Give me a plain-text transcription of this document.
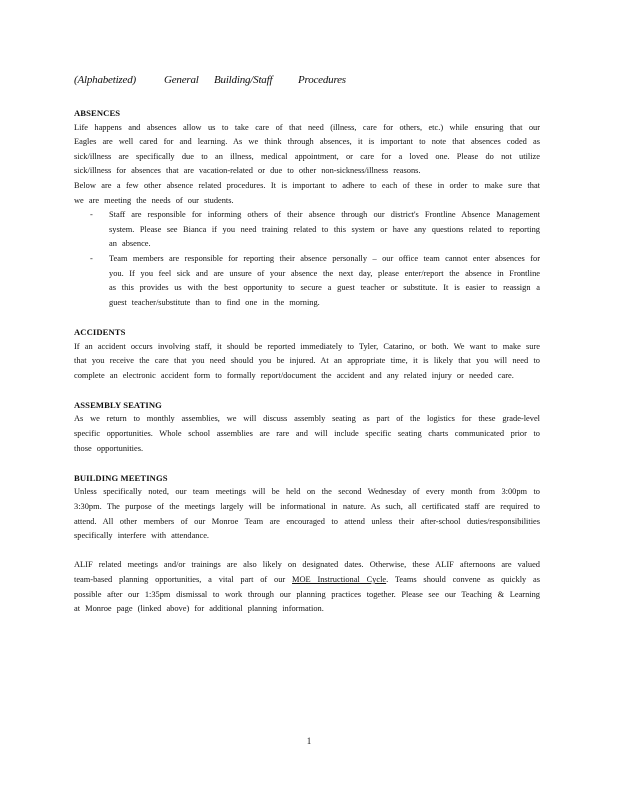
(Alphabetized)	General Building/Staff Procedures

ABSENCES

Life happens and absences allow us to take care of that need (illness, care for others, etc.) while ensuring that our Eagles are well cared for and learning. As we think through absences, it is important to note that absences coded as sick/illness are specifically due to an illness, medical appointment, or care for a loved one. Please do not utilize sick/illness for absences that are vacation-related or due to other non-sickness/illness reasons.

Below are a few other absence related procedures. It is important to adhere to each of these in order to make sure that we are meeting the needs of our students.

- Staff are responsible for informing others of their absence through our district's Frontline Absence Management system. Please see Bianca if you need training related to this system or have any questions related to reporting an absence.
- Team members are responsible for reporting their absence personally – our office team cannot enter absences for you. If you feel sick and are unsure of your absence the next day, please enter/report the absence in Frontline as this provides us with the best opportunity to secure a guest teacher or substitute. It is easier to reassign a guest teacher/substitute than to find one in the morning.

ACCIDENTS

If an accident occurs involving staff, it should be reported immediately to Tyler, Catarino, or both. We want to make sure that you receive the care that you need should you be injured. At an appropriate time, it is likely that you will need to complete an electronic accident form to formally report/document the accident and any related injury or needed care.

ASSEMBLY SEATING

As we return to monthly assemblies, we will discuss assembly seating as part of the logistics for these grade-level specific opportunities. Whole school assemblies are rare and will include specific seating charts communicated prior to those opportunities.

BUILDING MEETINGS

Unless specifically noted, our team meetings will be held on the second Wednesday of every month from 3:00pm to 3:30pm. The purpose of the meetings largely will be informational in nature. As such, all certificated staff are required to attend. All other members of our Monroe Team are encouraged to attend unless their after-school duties/responsibilities specifically interfere with attendance.

ALIF related meetings and/or trainings are also likely on designated dates. Otherwise, these ALIF afternoons are valued team-based planning opportunities, a vital part of our MOE Instructional Cycle. Teams should convene as quickly as possible after our 1:35pm dismissal to work through our planning practices together. Please see our Teaching & Learning at Monroe page (linked above) for additional planning information.

1
